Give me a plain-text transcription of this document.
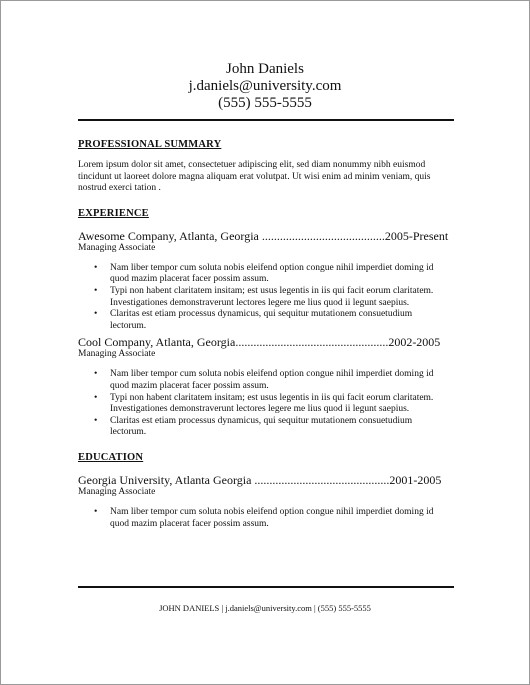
John Daniels
j.daniels@university.com
(555) 555-5555

PROFESSIONAL SUMMARY

Lorem ipsum dolor sit amet, consectetuer adipiscing elit, sed diam nonummy nibh euismod tincidunt ut laoreet dolore magna aliquam erat volutpat. Ut wisi enim ad minim veniam, quis nostrud exerci tation .

EXPERIENCE

Awesome Company, Atlanta, Georgia .........................................2005-Present
Managing Associate
• Nam liber tempor cum soluta nobis eleifend option congue nihil imperdiet doming id quod mazim placerat facer possim assum.
• Typi non habent claritatem insitam; est usus legentis in iis qui facit eorum claritatem. Investigationes demonstraverunt lectores legere me lius quod ii legunt saepius.
• Claritas est etiam processus dynamicus, qui sequitur mutationem consuetudium lectorum.
Cool Company, Atlanta, Georgia...................................................2002-2005
Managing Associate
• Nam liber tempor cum soluta nobis eleifend option congue nihil imperdiet doming id quod mazim placerat facer possim assum.
• Typi non habent claritatem insitam; est usus legentis in iis qui facit eorum claritatem. Investigationes demonstraverunt lectores legere me lius quod ii legunt saepius.
• Claritas est etiam processus dynamicus, qui sequitur mutationem consuetudium lectorum.

EDUCATION

Georgia University, Atlanta Georgia .............................................2001-2005
Managing Associate
• Nam liber tempor cum soluta nobis eleifend option congue nihil imperdiet doming id quod mazim placerat facer possim assum.
JOHN DANIELS | j.daniels@university.com | (555) 555-5555
